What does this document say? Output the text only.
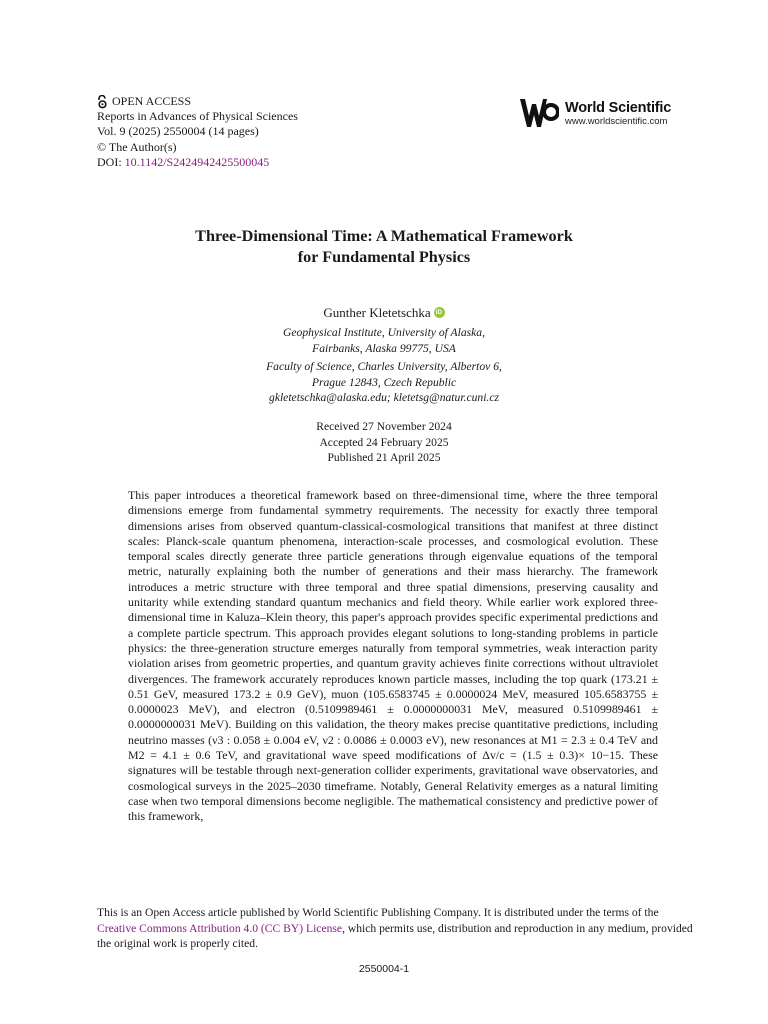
OPEN ACCESS
Reports in Advances of Physical Sciences
Vol. 9 (2025) 2550004 (14 pages)
© The Author(s)
DOI: 10.1142/S2424942425500045
World Scientific
www.worldscientific.com
Three-Dimensional Time: A Mathematical Framework
for Fundamental Physics
Gunther KletetschkaiD
Geophysical Institute, University of Alaska,
Fairbanks, Alaska 99775, USA
Faculty of Science, Charles University, Albertov 6,
Prague 12843, Czech Republic
gkletetschka@alaska.edu; kletetsg@natur.cuni.cz
Received 27 November 2024
Accepted 24 February 2025
Published 21 April 2025
This paper introduces a theoretical framework based on three-dimensional time, where the three temporal dimensions emerge from fundamental symmetry requirements. The necessity for exactly three temporal dimensions arises from observed quantum-classical-cosmological transitions that manifest at three distinct scales: Planck-scale quantum phenomena, interaction-scale processes, and cosmological evolution. These temporal scales directly generate three particle generations through eigenvalue equations of the temporal metric, naturally explaining both the number of generations and their mass hierarchy. The framework introduces a metric structure with three temporal and three spatial dimensions, preserving causality and unitarity while extending standard quantum mechanics and field theory. While earlier work explored three-dimensional time in Kaluza–Klein theory, this paper's approach provides specific experimental predictions and a complete particle spectrum. This approach provides elegant solutions to long-standing problems in particle physics: the three-generation structure emerges naturally from temporal symmetries, weak interaction parity violation arises from geometric properties, and quantum gravity achieves finite corrections without ultraviolet divergences. The framework accurately reproduces known particle masses, including the top quark (173.21 ± 0.51 GeV, measured 173.2 ± 0.9 GeV), muon (105.6583745 ± 0.0000024 MeV, measured 105.6583755 ± 0.0000023 MeV), and electron (0.5109989461 ± 0.0000000031 MeV, measured 0.5109989461 ± 0.0000000031 MeV). Building on this validation, the theory makes precise quantitative predictions, including neutrino masses (ν3 : 0.058 ± 0.004 eV, ν2 : 0.0086 ± 0.0003 eV), new resonances at M1 = 2.3 ± 0.4 TeV and M2 = 4.1 ± 0.6 TeV, and gravitational wave speed modifications of Δv/c = (1.5 ± 0.3)× 10−15. These signatures will be testable through next-generation collider experiments, gravitational wave observatories, and cosmological surveys in the 2025–2030 timeframe. Notably, General Relativity emerges as a natural limiting case when two temporal dimensions become negligible. The mathematical consistency and predictive power of this framework,
This is an Open Access article published by World Scientific Publishing Company. It is distributed under the terms of the Creative Commons Attribution 4.0 (CC BY) License, which permits use, distribution and reproduction in any medium, provided the original work is properly cited.
2550004-1
